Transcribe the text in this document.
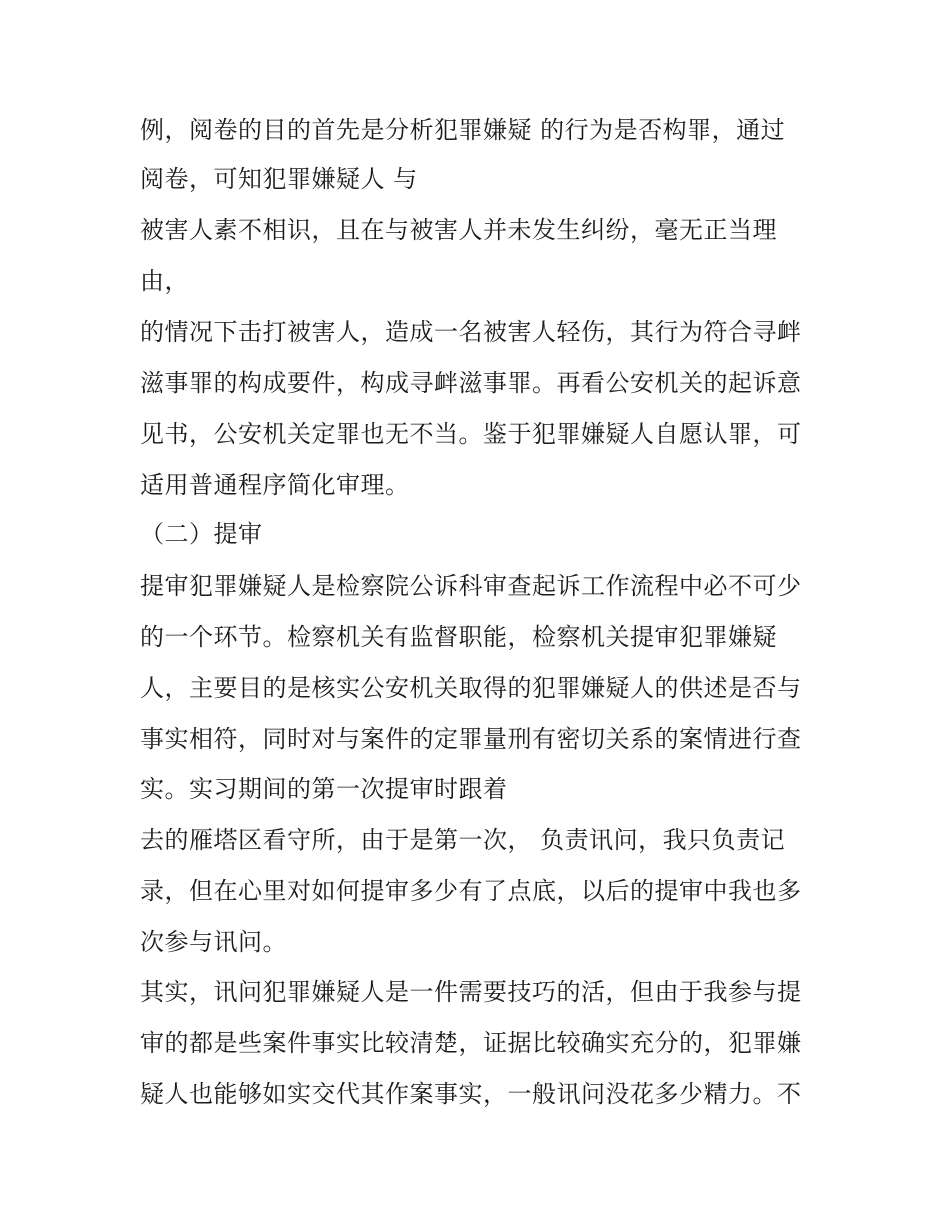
例，阅卷的目的首先是分析犯罪嫌疑 的行为是否构罪，通过
阅卷，可知犯罪嫌疑人 与
被害人素不相识，且在与被害人并未发生纠纷，毫无正当理
由，
的情况下击打被害人，造成一名被害人轻伤，其行为符合寻衅
滋事罪的构成要件，构成寻衅滋事罪。再看公安机关的起诉意
见书，公安机关定罪也无不当。鉴于犯罪嫌疑人自愿认罪，可
适用普通程序简化审理。
（二）提审
提审犯罪嫌疑人是检察院公诉科审查起诉工作流程中必不可少
的一个环节。检察机关有监督职能，检察机关提审犯罪嫌疑
人，主要目的是核实公安机关取得的犯罪嫌疑人的供述是否与
事实相符，同时对与案件的定罪量刑有密切关系的案情进行查
实。实习期间的第一次提审时跟着
去的雁塔区看守所，由于是第一次， 负责讯问，我只负责记
录，但在心里对如何提审多少有了点底，以后的提审中我也多
次参与讯问。
其实，讯问犯罪嫌疑人是一件需要技巧的活，但由于我参与提
审的都是些案件事实比较清楚，证据比较确实充分的，犯罪嫌
疑人也能够如实交代其作案事实，一般讯问没花多少精力。不
